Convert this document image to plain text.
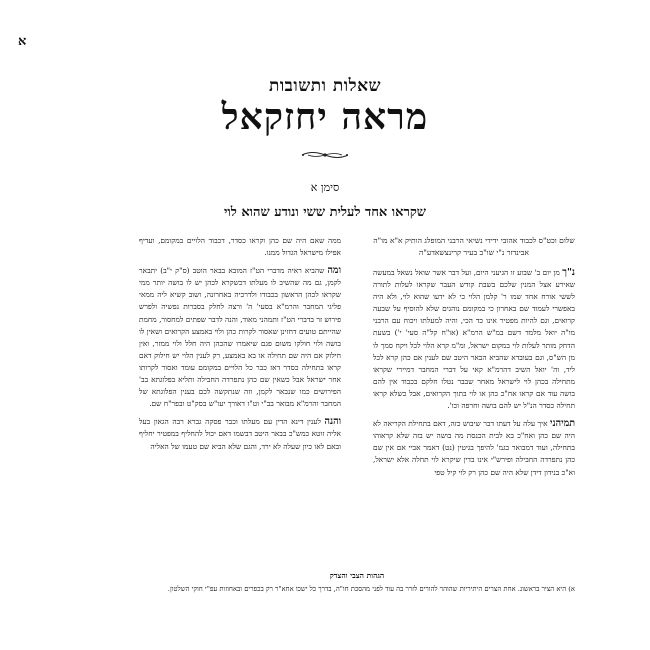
א
שאלות ותשובות
מראה יחזקאל
סימן א
שקראו אחד לעלית ששי ונודע שהוא לוי

שלום וכט"ס לכבוד אהובי ידידי נשיאי הרבני המופלג הותיק א"א מו"ה אבינדזר נ"י שו"ב בעיר קרינצשאדע"ה

נ"ך מן יום ב' שבוע זו הגיעני היום, ועל דבר אשר שואל נשאל במעשה שאירע אצל המנין שלכם בשבת קודש העבר שקראו לעלות לתורה לששי אורח אחד שמו ר' קלמן הלוי כי לא ידעו שהוא לוי, ולא היה באפשרי לעמוד שם באחרון כי במקומם נוהגים שלא להוסיף על שבעה קרואים, וגם להיות מפטיר אינו כד הכי, והיה למעלתו ויכוח עם הרבני מו"ה יואל מלמד דשם במ"ש הרמ"א (או"ח קל"ה סעי' י') בשעת הדחק מותר לעלות לוי במקום ישראל, ומ"מ קרא הלוי לכל ויקח סמך לו מן הש"ס, וגם בעובדא שהביא הבאר היטב שם לענין אם כהן קרא לכל ליד, וה' יואל השיב דהרמ"א קאי על דברי המחבר דמיירי שקראו מתחילה בכהן לוי לישראל מאחר שבבר נטלו חלקם בכבוד אין להם בושה עוד אם קראו אח"כ כהן או לוי בתוך הקרואים, אבל כשלא קראו תחילה כסדר הנ"ל יש להם בושה וחרפה וכו'.

תמיהני איך עלה על דעתו דבר שיבוש כזה, דאם בתחילת הקריאה לא היה שם כהן ואח"כ בא לבית הכנסת מה בושה יש בזה שלא קראוהו בתחילה, ועוד דמבואר בגמ' להיפך בגיטין (נט) דאמר אביי אם אין שם כהן נתפרדה החבילה ופירש"י אינו בדין שיקרא לוי תחלה אלא ישראל, וא"כ בנידון דידן שלא היה שם כהן רק לוי קיל טפי

ממה שאם היה שם כהן וקראו כסדר, דכבוד הלויים במקומם, ועדיף אפילו מישראל הגדול ממנו.

ומה שהביא ראיה מדברי הט"ז המובא בבאר הוטב (ס"ק י"ב) יתבאר לקמן, גם מה שהשיב לו מעלתו דכשקרא לכהן יש לו בושה יותר ממי שקראו לכהן הראשון בכבודו ולדרכיה באחרונה, ושוב קשיא ליה ממאי פליגי המחבר והרמ"א בסעי' ה' ורצה לחלק בסברות נפשיה ולפרש פירוש זר בדברי הט"ז ותמהני מאוד, והנה לדבר שפתים למחסור, מחמת שהייתם טועים דחזינן שאסור לקרות כהן ולוי באמצע הקרואים ושאין לו בושה ולוי חולקו משום פגם שיאמרו שהכהן היה חלל ולוי ממזר, ואין חילוק אם היה שם תחילה או בא באמצע, רק לענין הלוי יש חילוק דאם קראו בתחילה כסדר דאז כבר כל הלויים במקומם עומד ואסור לקרותו אחר ישראל אבל כשאין שם כהן נתפרדה החבילה ותליא בפלוגתא בב' הפירושים כמו שנבאר לקמן, וזה שנתקשה לכם בענין הפלוגתא של המחבר והרמ"א מבואר בב"י וט"ז דאורך יעו"ש בסק"ט ובפר"ח שם.

והנה לענין דינא הדין עם מעלתו וכבר פסקה גברא רבה הגאון בעל אליה זוטא כמש"כ בבאר היטב דבשמו דאם יכול להחליף במפטיר יחליף ובאם לאו כיון שעלה לא ירד, והגם שלא הביא שם טעמו של האליה

הגהות הצבי והצדק
א) היא הציר בראשונ. אחת הצרים היתיריות שהוהר להורים לזרר בה עוד לפני מהסכת חו"ה, בדרך כל ישכו אחא"ר רק בכפרים ובאחוזות עפ"י חוקי השלטון.
